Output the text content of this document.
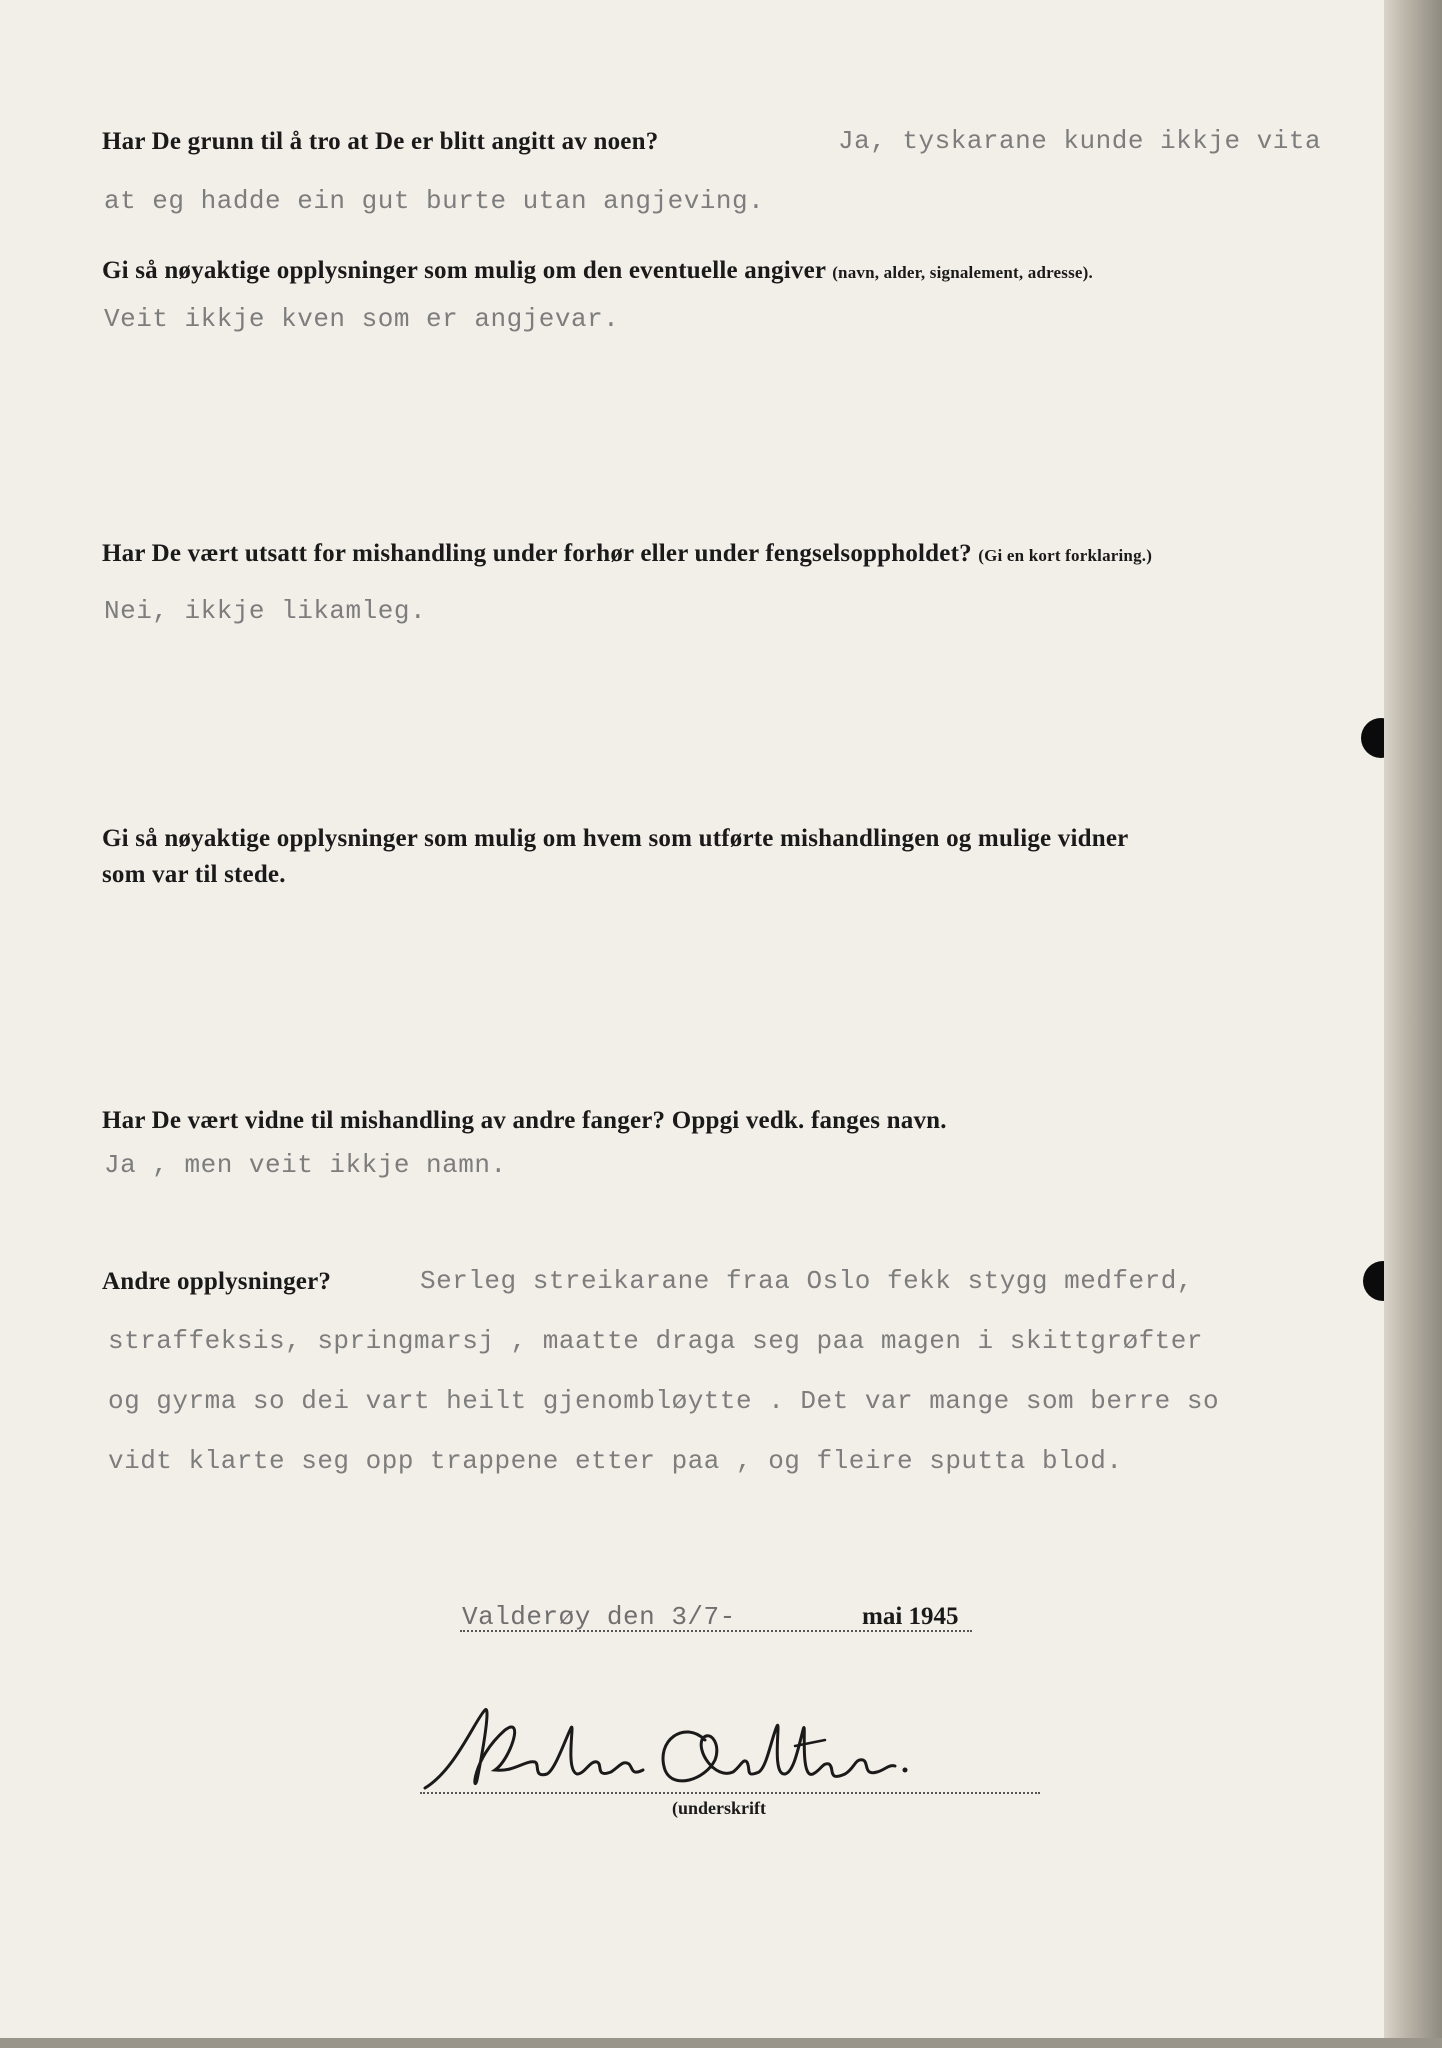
Har De grunn til å tro at De er blitt angitt av noen?	Ja, tyskarane kunde ikkje vita
at eg hadde ein gut burte utan angjeving.
Gi så nøyaktige opplysninger som mulig om den eventuelle angiver (navn, alder, signalement, adresse).
Veit ikkje kven som er angjevar.
Har De vært utsatt for mishandling under forhør eller under fengselsoppholdet? (Gi en kort forklaring.)
Nei, ikkje likamleg.
Gi så nøyaktige opplysninger som mulig om hvem som utførte mishandlingen og mulige vidner
som var til stede.
Har De vært vidne til mishandling av andre fanger? Oppgi vedk. fanges navn.
Ja , men veit ikkje namn.
Andre opplysninger?	Serleg streikarane fraa Oslo fekk stygg medferd,
straffeksis, springmarsj , maatte draga seg paa magen i skittgrøfter
og gyrma so dei vart heilt gjenombløytte . Det var mange som berre so
vidt klarte seg opp trappene etter paa , og fleire sputta blod.
Valderøy den 3/7-	mai 1945
(underskrift
